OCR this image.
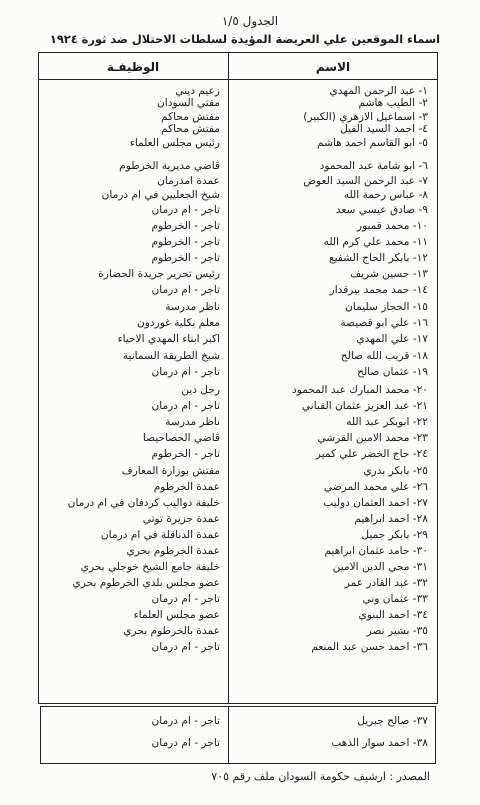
الجدول ١/٥
اسماء الموقعين علي العريضة المؤيدة لسلطات الاحتلال ضد ثورة ١٩٢٤
الاسم
الوظيفـة
١- عبد الرحمن المهدي
زعيم ديني
٢- الطيب هاشم
مفتي السودان
٣- اسماعيل الازهري (الكبير)
مفتش محاكم
٤- احمد السيد الفيل
مفتش محاكم
٥- ابو القاسم احمد هاشم
رئيس مجلس العلماء
٦- ابو شامة عبد المحمود
قاضي مديرية الخرطوم
٧- عبد الرحمن السيد العوض
عمدة امدرمان
٨- عباس رحمة الله
شيخ الجعليين في ام درمان
٩- صادق عيسي سعد
تاجر - ام درمان
١٠- محمد قمبور
تاجر - الخرطوم
١١- محمد علي كرم الله
تاجر - الخرطوم
١٢- بابكر الحاج الشفيع
تاجر - الخرطوم
١٣- حسين شريف
رئيس تحرير جريدة الحضارة
١٤- حمد محمد بيرقدار
تاجر - ام درمان
١٥- الحجاز سليمان
ناظر مدرسة
١٦- علي ابو قصيصة
معلم بكلية غوردون
١٧- علي المهدي
اكبر ابناء المهدي الاحياء
١٨- قريب الله صالح
شيخ الطريقة السمانية
١٩- عثمان صالح
تاجر - ام درمان
٢٠- محمد المبارك عبد المحمود
رجل دين
٢١- عبد العزيز عثمان القباني
تاجر - ام درمان
٢٢- ابوبكر عبد الله
ناظر مدرسة
٢٣- محمد الامين القرشي
قاضي الحصاحيصا
٢٤- حاج الخضر علي كمير
تاجر - الخرطوم
٢٥- بابكر بدري
مفتش بوزارة المعارف
٢٦- علي محمد المرضي
عمدة الخرطوم
٢٧- احمد العثمان دوليب
خليفة دواليب كردفان في ام درمان
٢٨- احمد ابراهيم
عمدة جزيرة توتي
٢٩- بابكر جميل
عمدة الدناقلة في ام درمان
٣٠- حامد عثمان ابراهيم
عمدة الخرطوم بحري
٣١- محي الدين الامين
خليفة جامع الشيخ خوجلي بحري
٣٢- عبد القادر عمر
عضو مجلس بلدي الخرطوم بحري
٣٣- عثمان وني
تاجر - ام درمان
٣٤- احمد البنوي
عضو مجلس العلماء
٣٥- بشير نصر
عمدة بالخرطوم بحري
٣٦- احمد حسن عبد المنعم
تاجر - ام درمان
٣٧- صالح جبريل
تاجر - ام درمان
٣٨- احمد سوار الذهب
تاجر - ام درمان
المصدر : ارشيف حكومة السودان ملف رقم ٧٠٥
